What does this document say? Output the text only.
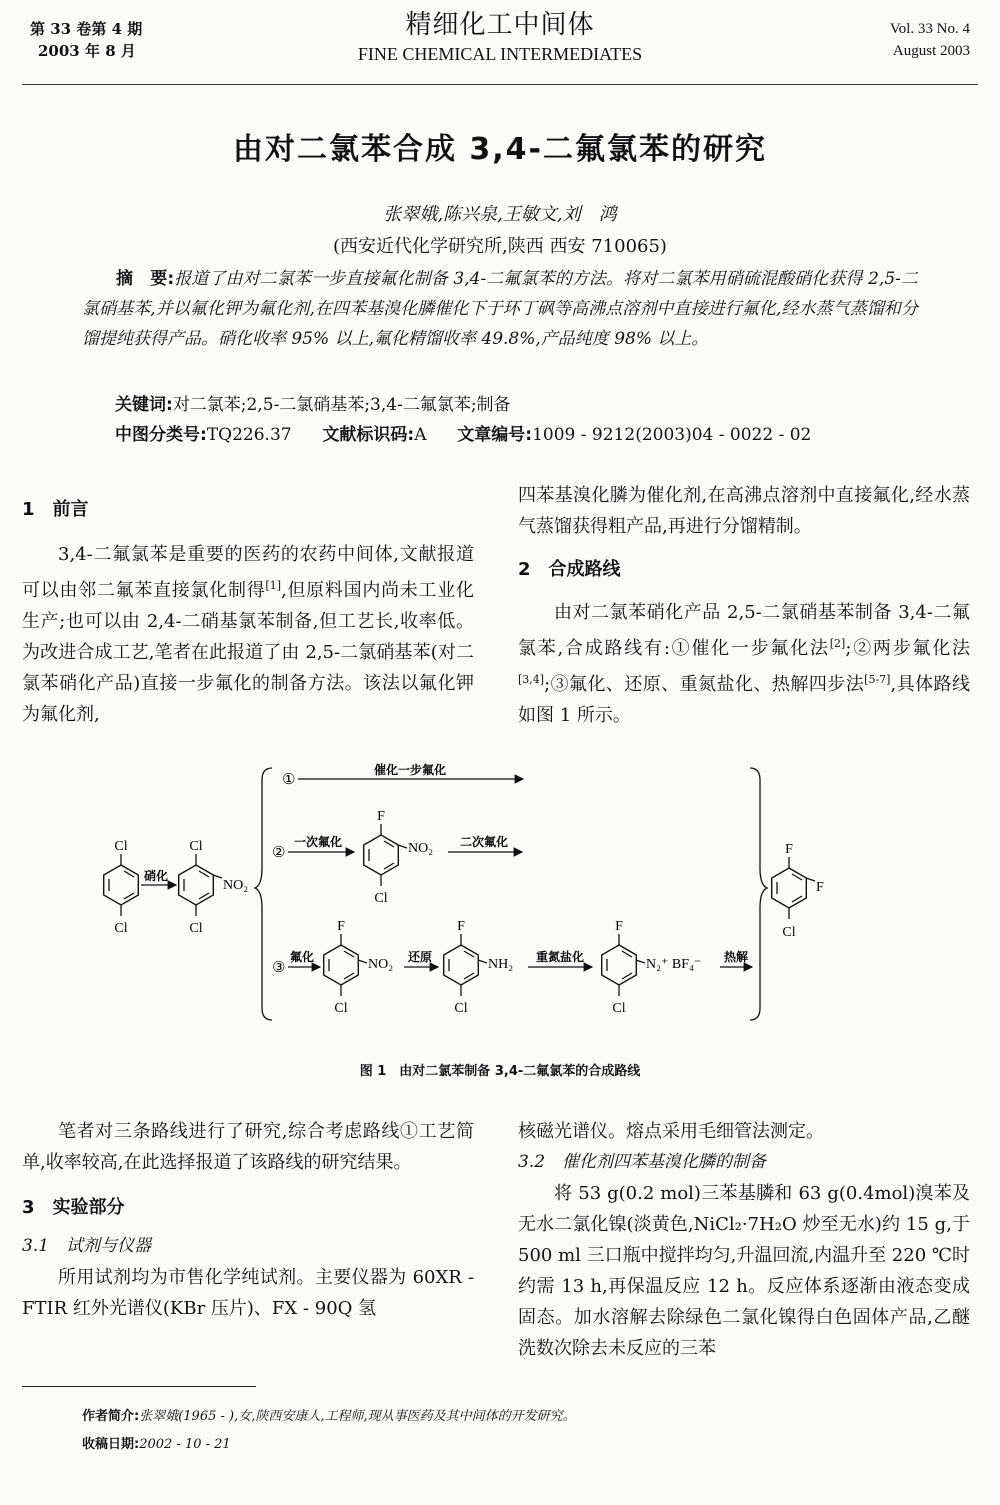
第 33 卷第 4 期
2003 年 8 月
精细化工中间体
FINE CHEMICAL INTERMEDIATES
Vol. 33 No. 4
August 2003
由对二氯苯合成 3,4-二氟氯苯的研究
张翠娥,陈兴泉,王敏文,刘　鸿
(西安近代化学研究所,陕西 西安 710065)
摘　要:报道了由对二氯苯一步直接氟化制备 3,4-二氟氯苯的方法。将对二氯苯用硝硫混酸硝化获得 2,5-二氯硝基苯,并以氟化钾为氟化剂,在四苯基溴化膦催化下于环丁砜等高沸点溶剂中直接进行氟化,经水蒸气蒸馏和分馏提纯获得产品。硝化收率 95% 以上,氟化精馏收率 49.8%,产品纯度 98% 以上。
关键词:对二氯苯;2,5-二氯硝基苯;3,4-二氟氯苯;制备
中图分类号:TQ226.37 文献标识码:A 文章编号:1009 - 9212(2003)04 - 0022 - 02
1　前言
3,4-二氟氯苯是重要的医药的农药中间体,文献报道可以由邻二氟苯直接氯化制得[1],但原料国内尚未工业化生产;也可以由 2,4-二硝基氯苯制备,但工艺长,收率低。为改进合成工艺,笔者在此报道了由 2,5-二氯硝基苯(对二氯苯硝化产品)直接一步氟化的制备方法。该法以氟化钾为氟化剂,
四苯基溴化膦为催化剂,在高沸点溶剂中直接氟化,经水蒸气蒸馏获得粗产品,再进行分馏精制。
2　合成路线
由对二氯苯硝化产品 2,5-二氯硝基苯制备 3,4-二氟氯苯,合成路线有:①催化一步氟化法[2];②两步氟化法[3,4];③氟化、还原、重氮盐化、热解四步法[5-7],具体路线如图 1 所示。
Cl
Cl
硝化
Cl
Cl
NO₂
①
催化一步氟化
②
一次氟化
F
Cl
NO₂ 二次氟化
③
氟化
F
Cl
NO₂ 还原
F
Cl
NH₂ 重氮盐化
F
Cl
N₂⁺ BF₄⁻ 热解
F
Cl
F
图 1　由对二氯苯制备 3,4-二氟氯苯的合成路线
笔者对三条路线进行了研究,综合考虑路线①工艺简单,收率较高,在此选择报道了该路线的研究结果。
3　实验部分
3.1　试剂与仪器
所用试剂均为市售化学纯试剂。主要仪器为 60XR - FTIR 红外光谱仪(KBr 压片)、FX - 90Q 氢
核磁光谱仪。熔点采用毛细管法测定。
3.2　催化剂四苯基溴化膦的制备
将 53 g(0.2 mol)三苯基膦和 63 g(0.4mol)溴苯及无水二氯化镍(淡黄色,NiCl₂·7H₂O 炒至无水)约 15 g,于 500 ml 三口瓶中搅拌均匀,升温回流,内温升至 220 ℃时约需 13 h,再保温反应 12 h。反应体系逐渐由液态变成固态。加水溶解去除绿色二氯化镍得白色固体产品,乙醚洗数次除去未反应的三苯
作者简介:张翠娥(1965 - ),女,陕西安康人,工程师,现从事医药及其中间体的开发研究。
收稿日期:2002 - 10 - 21
